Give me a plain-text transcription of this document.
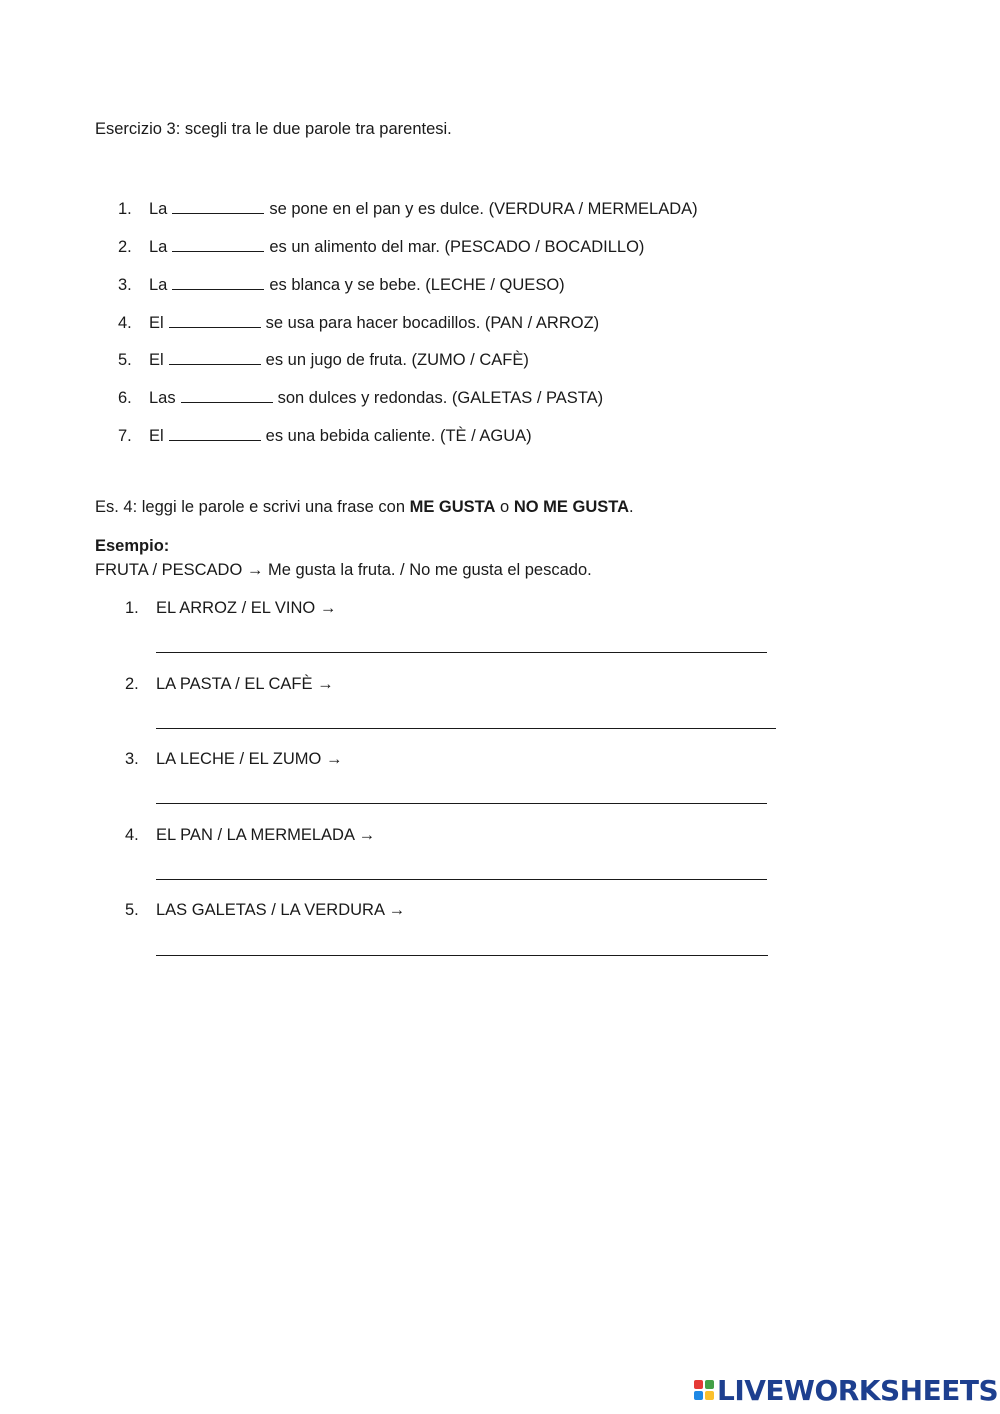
Esercizio 3: scegli tra le due parole tra parentesi.
1. La	se pone en el pan y es dulce. (VERDURA / MERMELADA)
2. La	es un alimento del mar. (PESCADO / BOCADILLO)
3. La	es blanca y se bebe. (LECHE / QUESO)
4. El	se usa para hacer bocadillos. (PAN / ARROZ)
5. El	es un jugo de fruta. (ZUMO / CAFÈ)
6. Las	son dulces y redondas. (GALETAS / PASTA)
7. El	es una bebida caliente. (TÈ / AGUA)
Es. 4: leggi le parole e scrivi una frase con ME GUSTA o NO ME GUSTA.
Esempio:
FRUTA / PESCADO → Me gusta la fruta. / No me gusta el pescado.
1. EL ARROZ / EL VINO →
2. LA PASTA / EL CAFÈ →
3. LA LECHE / EL ZUMO →
4. EL PAN / LA MERMELADA →
5. LAS GALETAS / LA VERDURA →
LIVEWORKSHEETS
